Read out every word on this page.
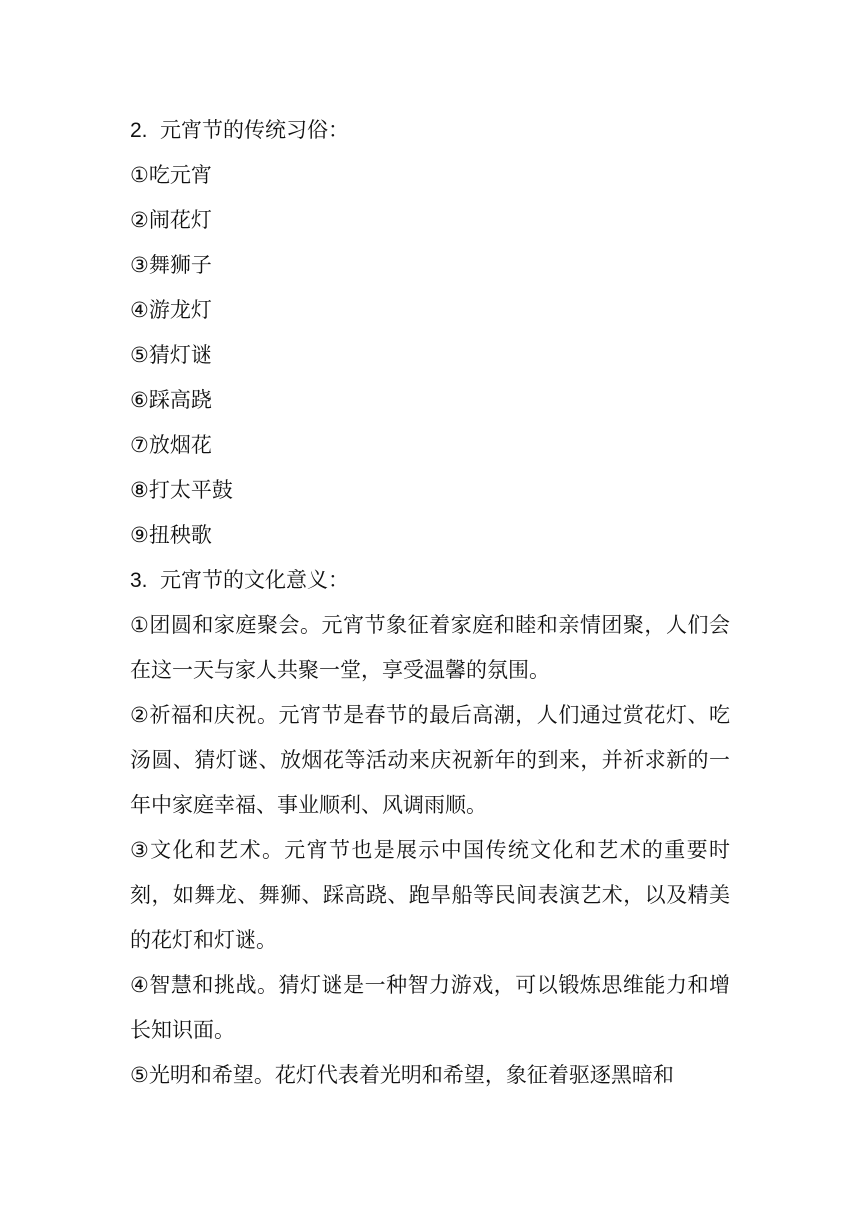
2. 元宵节的传统习俗：
①吃元宵
②闹花灯
③舞狮子
④游龙灯
⑤猜灯谜
⑥踩高跷
⑦放烟花
⑧打太平鼓
⑨扭秧歌
3. 元宵节的文化意义：

①团圆和家庭聚会。元宵节象征着家庭和睦和亲情团聚，人们会在这一天与家人共聚一堂，享受温馨的氛围。

②祈福和庆祝。元宵节是春节的最后高潮，人们通过赏花灯、吃汤圆、猜灯谜、放烟花等活动来庆祝新年的到来，并祈求新的一年中家庭幸福、事业顺利、风调雨顺。

③文化和艺术。元宵节也是展示中国传统文化和艺术的重要时刻，如舞龙、舞狮、踩高跷、跑旱船等民间表演艺术，以及精美的花灯和灯谜。

④智慧和挑战。猜灯谜是一种智力游戏，可以锻炼思维能力和增长知识面。

⑤光明和希望。花灯代表着光明和希望，象征着驱逐黑暗和
